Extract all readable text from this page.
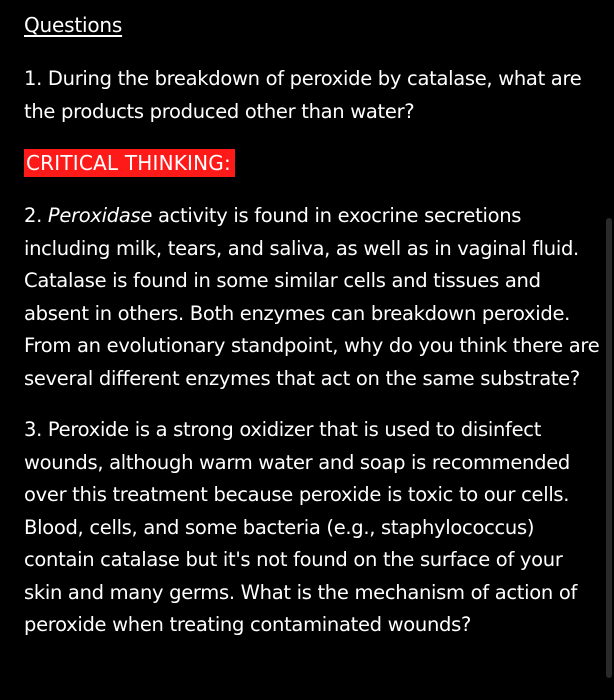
Questions

1. During the breakdown of peroxide by catalase, what are the products produced other than water?

CRITICAL THINKING:

2. Peroxidase activity is found in exocrine secretions including milk, tears, and saliva, as well as in vaginal fluid. Catalase is found in some similar cells and tissues and absent in others. Both enzymes can breakdown peroxide. From an evolutionary standpoint, why do you think there are several different enzymes that act on the same substrate?

3. Peroxide is a strong oxidizer that is used to disinfect wounds, although warm water and soap is recommended over this treatment because peroxide is toxic to our cells. Blood, cells, and some bacteria (e.g., staphylococcus) contain catalase but it's not found on the surface of your skin and many germs. What is the mechanism of action of peroxide when treating contaminated wounds?
